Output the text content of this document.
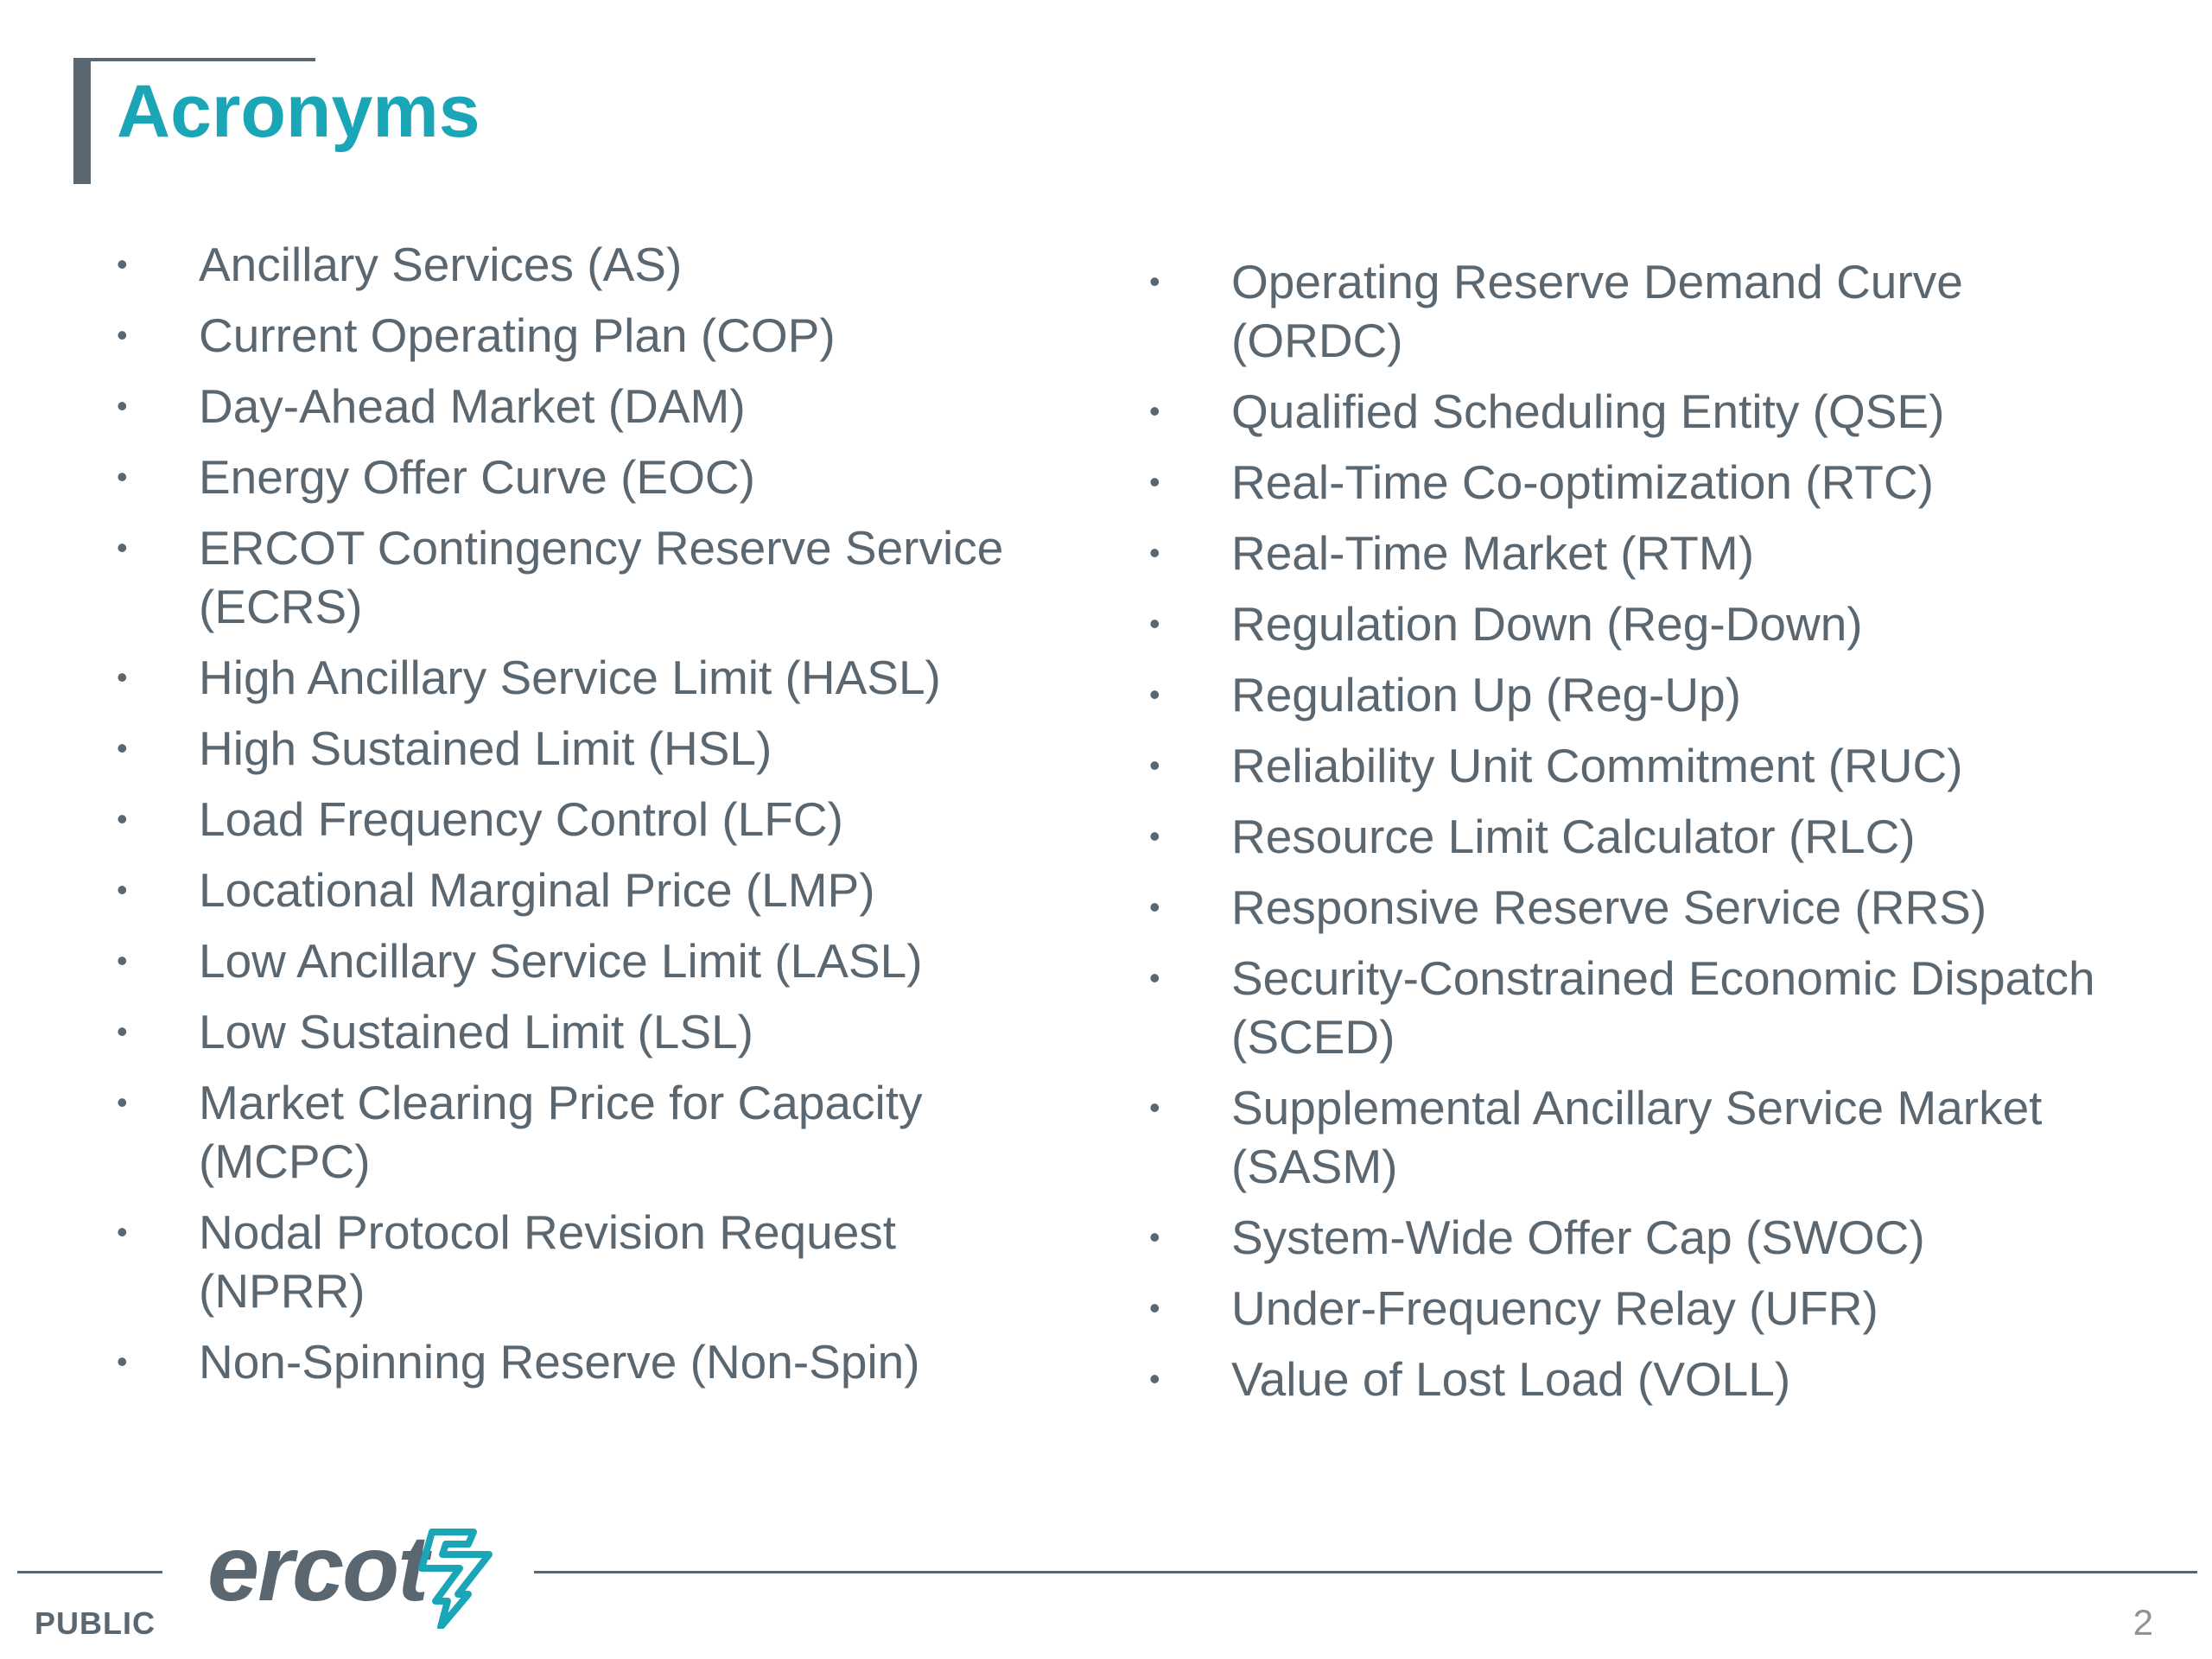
Acronyms
• Ancillary Services (AS)
• Current Operating Plan (COP)
• Day-Ahead Market (DAM)
• Energy Offer Curve (EOC)
• ERCOT Contingency Reserve Service (ECRS)
• High Ancillary Service Limit (HASL)
• High Sustained Limit (HSL)
• Load Frequency Control (LFC)
• Locational Marginal Price (LMP)
• Low Ancillary Service Limit (LASL)
• Low Sustained Limit (LSL)
• Market Clearing Price for Capacity (MCPC)
• Nodal Protocol Revision Request (NPRR)
• Non-Spinning Reserve (Non-Spin)
• Operating Reserve Demand Curve (ORDC)
• Qualified Scheduling Entity (QSE)
• Real-Time Co-optimization (RTC)
• Real-Time Market (RTM)
• Regulation Down (Reg-Down)
• Regulation Up (Reg-Up)
• Reliability Unit Commitment (RUC)
• Resource Limit Calculator (RLC)
• Responsive Reserve Service (RRS)
• Security-Constrained Economic Dispatch (SCED)
• Supplemental Ancillary Service Market (SASM)
• System-Wide Offer Cap (SWOC)
• Under-Frequency Relay (UFR)
• Value of Lost Load (VOLL)
ercot
PUBLIC	2
